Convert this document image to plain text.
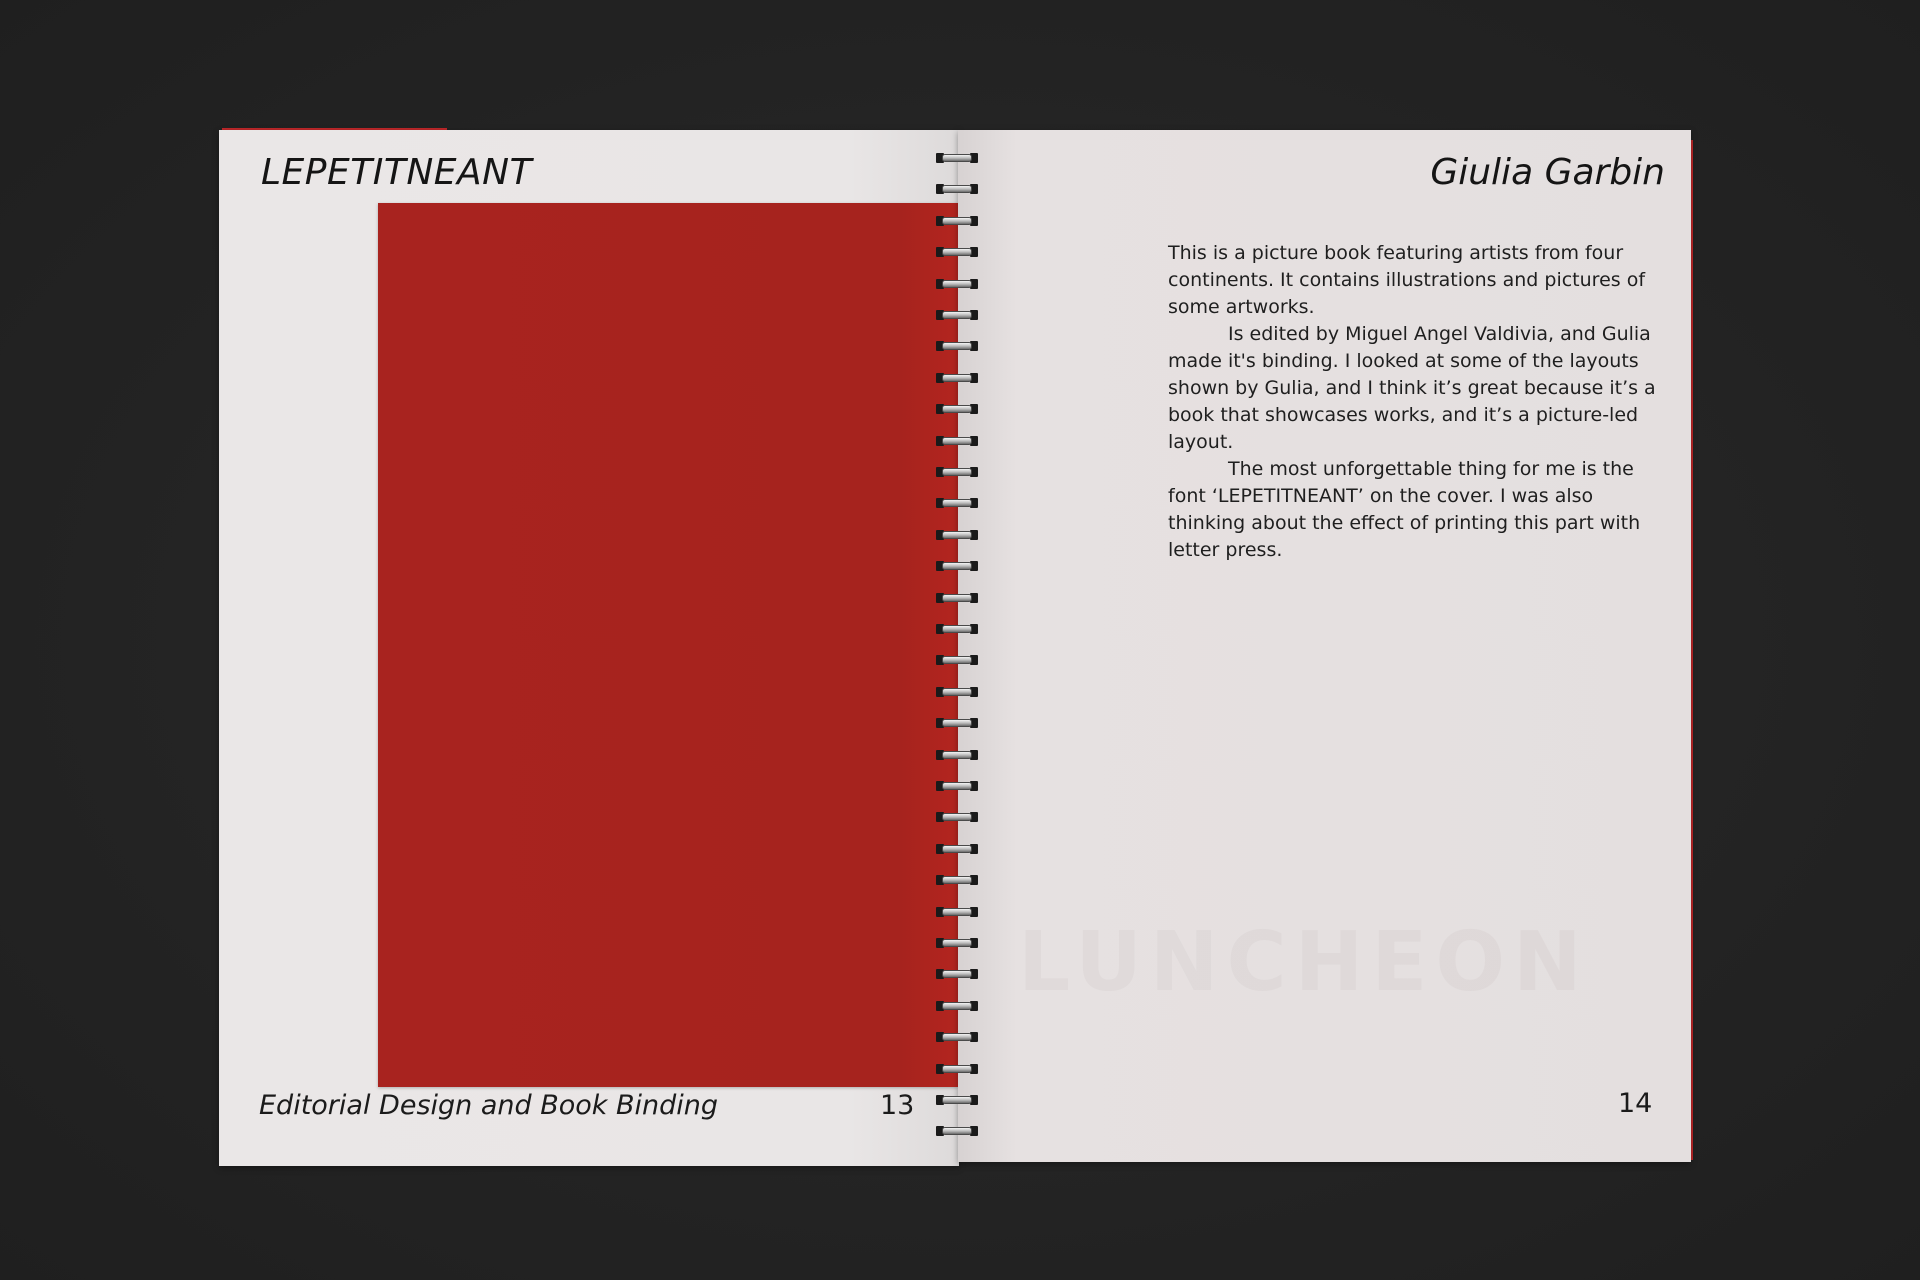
LEPETITNEANT
Editorial Design and Book Binding	13
LUNCHEON
Giulia Garbin

This is a picture book featuring artists from four continents. It contains illustrations and pictures of some artworks.

Is edited by Miguel Angel Valdivia, and Gulia made it's binding. I looked at some of the layouts shown by Gulia, and I think it’s great because it’s a book that showcases works, and it’s a picture-led layout.

The most unforgettable thing for me is the font ‘LEPETITNEANT’ on the cover. I was also thinking about the effect of printing this part with letter press.

14
